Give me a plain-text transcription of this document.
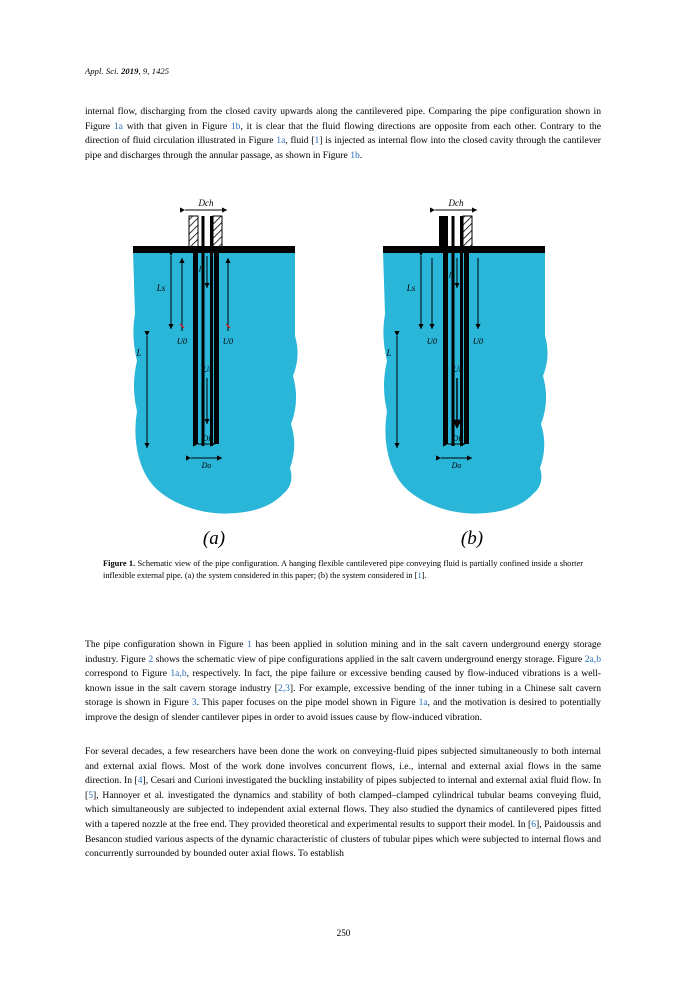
Appl. Sci. 2019, 9, 1425
internal flow, discharging from the closed cavity upwards along the cantilevered pipe. Comparing the pipe configuration shown in Figure 1a with that given in Figure 1b, it is clear that the fluid flowing directions are opposite from each other. Contrary to the direction of fluid circulation illustrated in Figure 1a, fluid [1] is injected as internal flow into the closed cavity through the cantilever pipe and discharges through the annular passage, as shown in Figure 1b.
Dch
l
Ls
L
U0	U0
Ui
Di
Do
(a)
Dch
l
Ls
L
U0	U0
Ui
Di
Do
(b)
Figure 1. Schematic view of the pipe configuration. A hanging flexible cantilevered pipe conveying fluid is partially confined inside a shorter inflexible external pipe. (a) the system considered in this paper; (b) the system considered in [1].
The pipe configuration shown in Figure 1 has been applied in solution mining and in the salt cavern underground energy storage industry. Figure 2 shows the schematic view of pipe configurations applied in the salt cavern underground energy storage. Figure 2a,b correspond to Figure 1a,b, respectively. In fact, the pipe failure or excessive bending caused by flow-induced vibrations is a well-known issue in the salt cavern storage industry [2,3]. For example, excessive bending of the inner tubing in a Chinese salt cavern storage is shown in Figure 3. This paper focuses on the pipe model shown in Figure 1a, and the motivation is desired to potentially improve the design of slender cantilever pipes in order to avoid issues cause by flow-induced vibration.
For several decades, a few researchers have been done the work on conveying-fluid pipes subjected simultaneously to both internal and external axial flows. Most of the work done involves concurrent flows, i.e., internal and external axial flows in the same direction. In [4], Cesari and Curioni investigated the buckling instability of pipes subjected to internal and external axial fluid flow. In [5], Hannoyer et al. investigated the dynamics and stability of both clamped–clamped cylindrical tubular beams conveying fluid, which simultaneously are subjected to independent axial external flows. They also studied the dynamics of cantilevered pipes fitted with a tapered nozzle at the free end. They provided theoretical and experimental results to support their model. In [6], Paidoussis and Besancon studied various aspects of the dynamic characteristic of clusters of tubular pipes which were subjected to internal flows and concurrently surrounded by bounded outer axial flows. To establish
250
